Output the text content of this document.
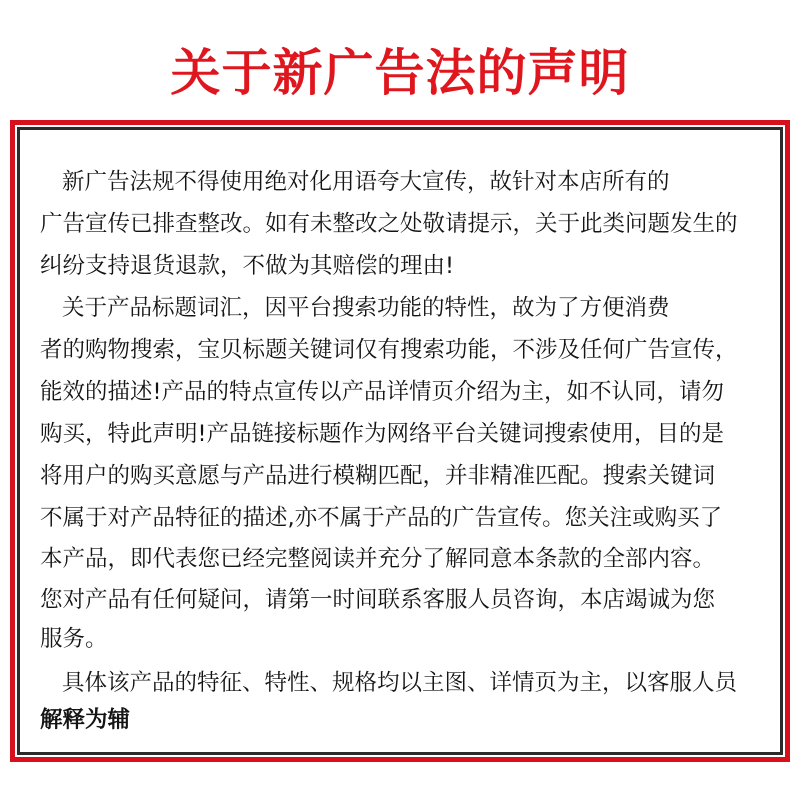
关于新广告法的声明
新广告法规不得使用绝对化用语夸大宣传，故针对本店所有的
广告宣传已排查整改。如有未整改之处敬请提示，关于此类问题发生的
纠纷支持退货退款，不做为其赔偿的理由!
关于产品标题词汇，因平台搜索功能的特性，故为了方便消费
者的购物搜索，宝贝标题关键词仅有搜索功能，不涉及任何广告宣传，
能效的描述!产品的特点宣传以产品详情页介绍为主，如不认同，请勿
购买，特此声明!产品链接标题作为网络平台关键词搜索使用，目的是
将用户的购买意愿与产品进行模糊匹配，并非精准匹配。搜索关键词
不属于对产品特征的描述,亦不属于产品的广告宣传。您关注或购买了
本产品，即代表您已经完整阅读并充分了解同意本条款的全部内容。
您对产品有任何疑问，请第一时间联系客服人员咨询，本店竭诚为您
服务。
具体该产品的特征、特性、规格均以主图、详情页为主，以客服人员
解释为辅
